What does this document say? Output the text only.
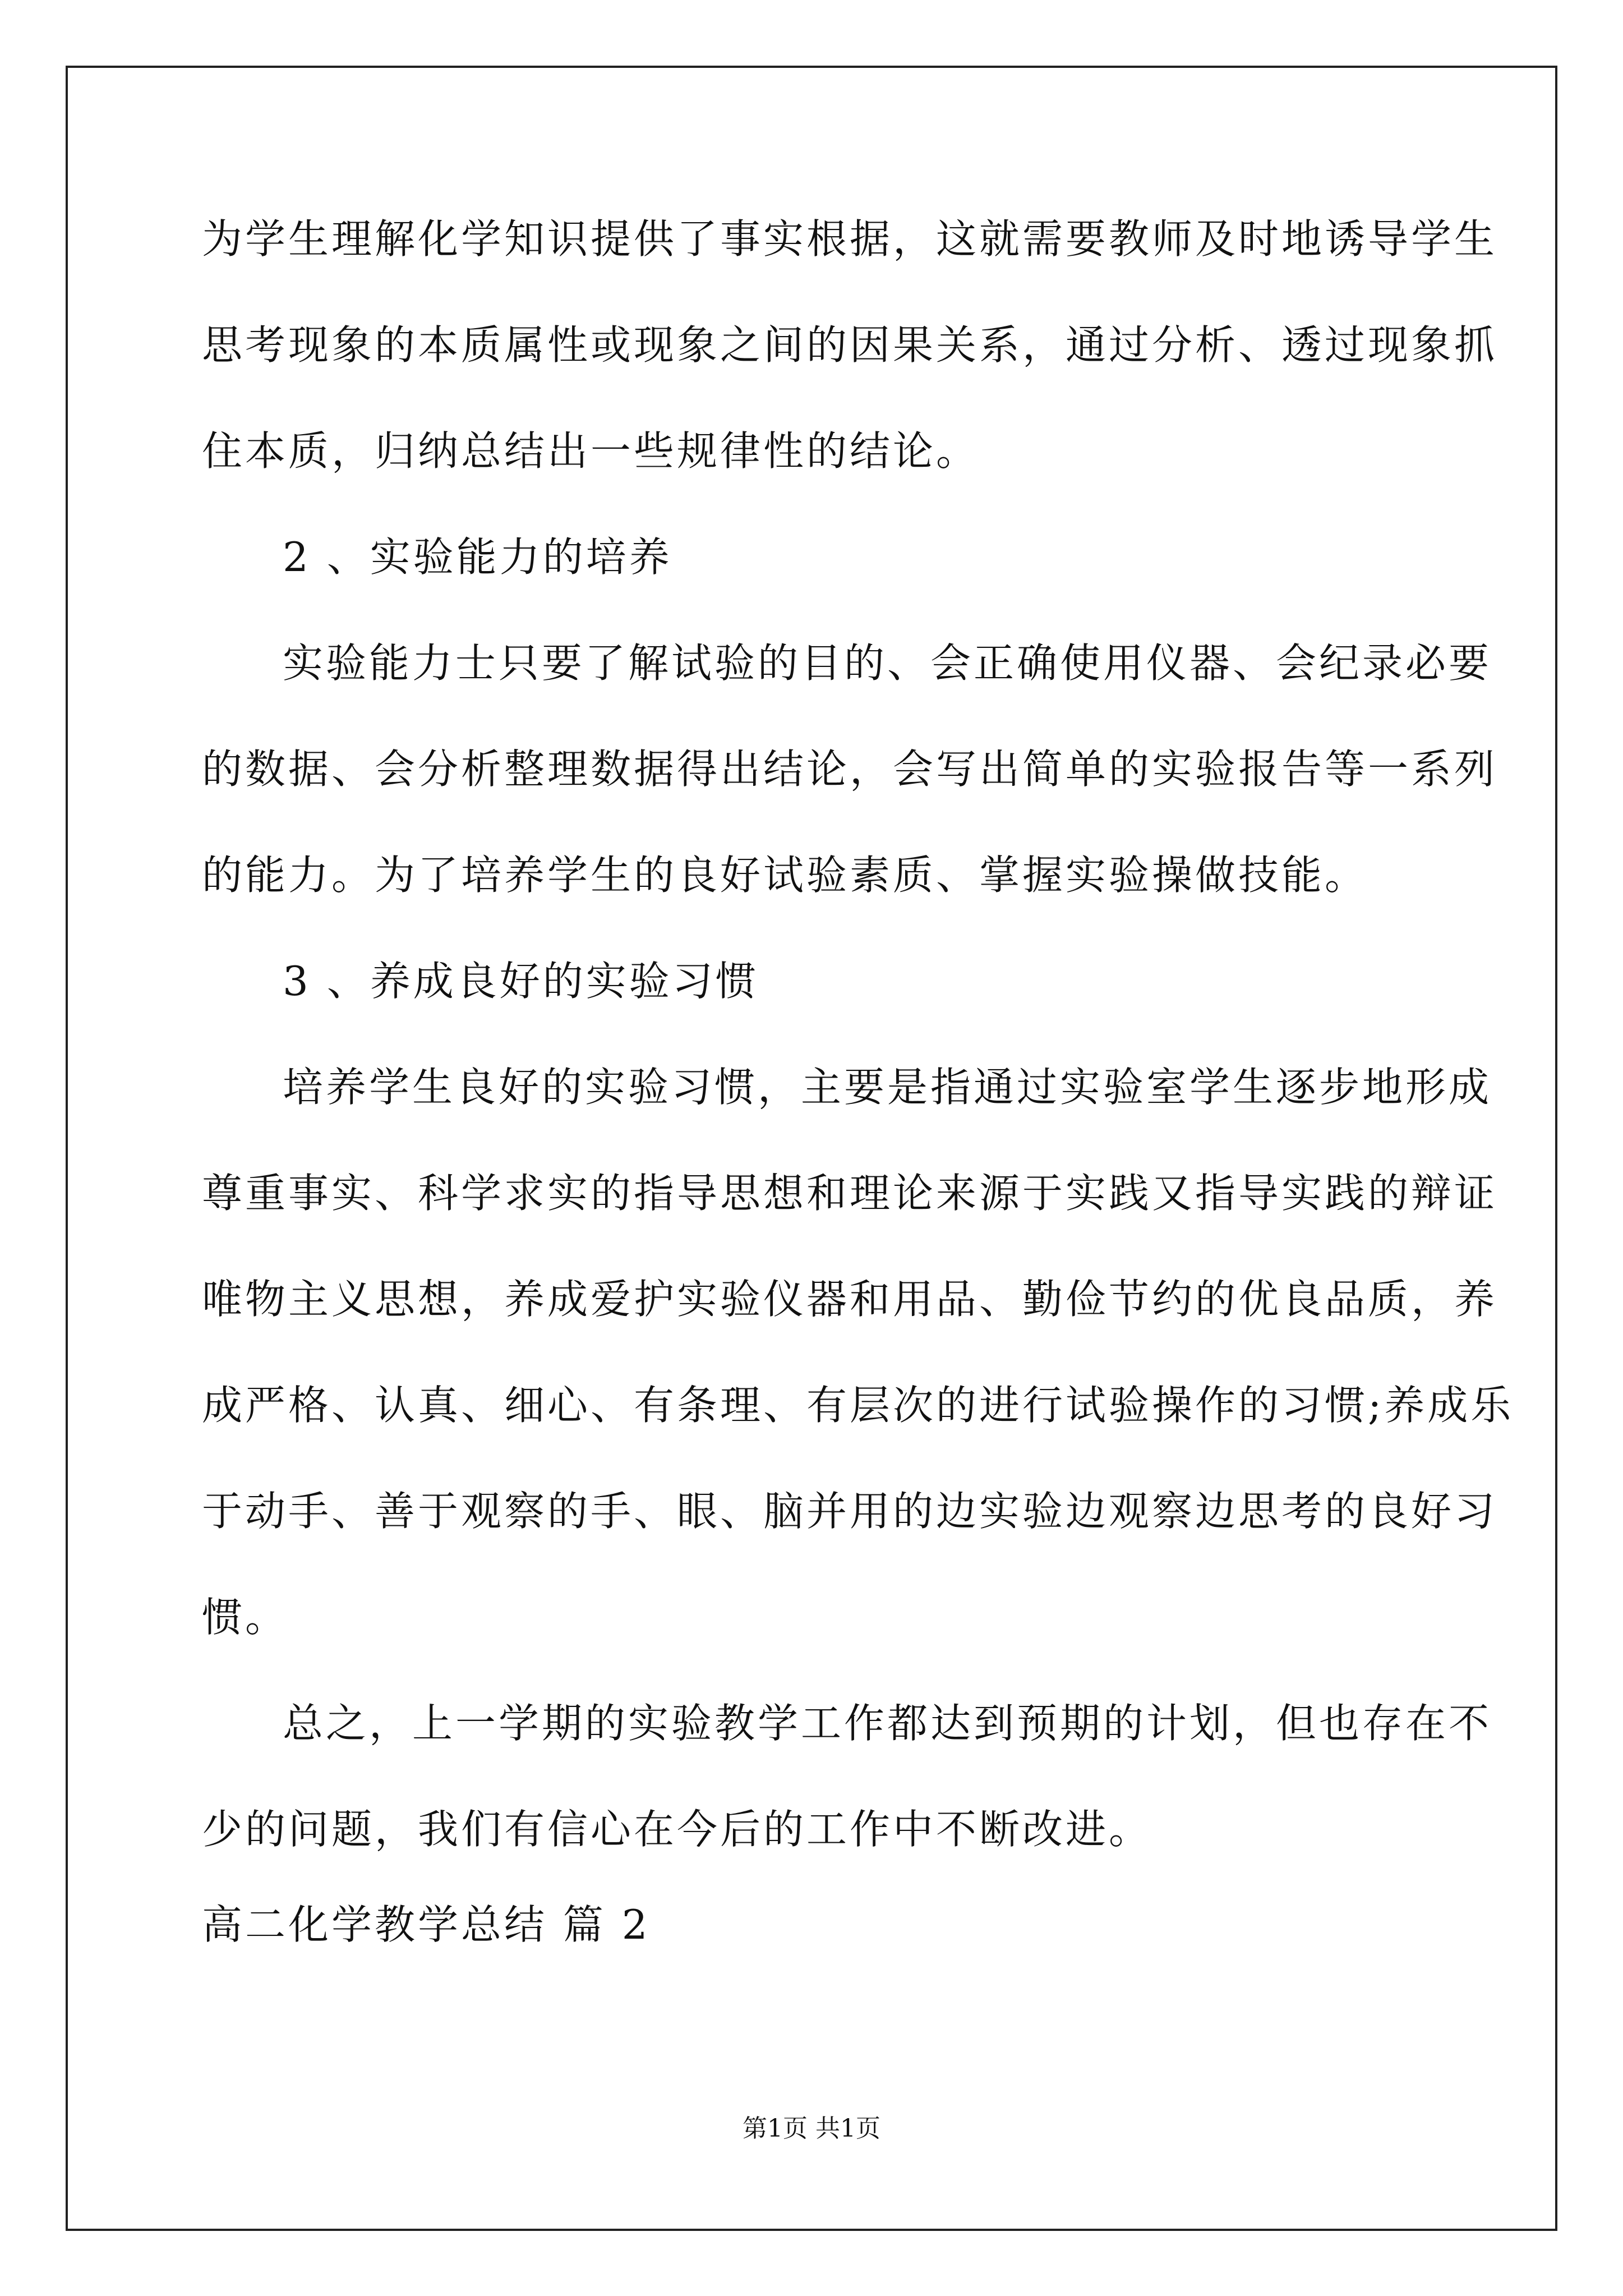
为学生理解化学知识提供了事实根据，这就需要教师及时地诱导学生
思考现象的本质属性或现象之间的因果关系，通过分析、透过现象抓
住本质，归纳总结出一些规律性的结论。
2 、实验能力的培养
实验能力士只要了解试验的目的、会正确使用仪器、会纪录必要
的数据、会分析整理数据得出结论，会写出简单的实验报告等一系列
的能力。为了培养学生的良好试验素质、掌握实验操做技能。
3 、养成良好的实验习惯
培养学生良好的实验习惯，主要是指通过实验室学生逐步地形成
尊重事实、科学求实的指导思想和理论来源于实践又指导实践的辩证
唯物主义思想，养成爱护实验仪器和用品、勤俭节约的优良品质，养
成严格、认真、细心、有条理、有层次的进行试验操作的习惯;养成乐
于动手、善于观察的手、眼、脑并用的边实验边观察边思考的良好习
惯。
总之，上一学期的实验教学工作都达到预期的计划，但也存在不
少的问题，我们有信心在今后的工作中不断改进。
高二化学教学总结 篇 2
第1页 共1页
